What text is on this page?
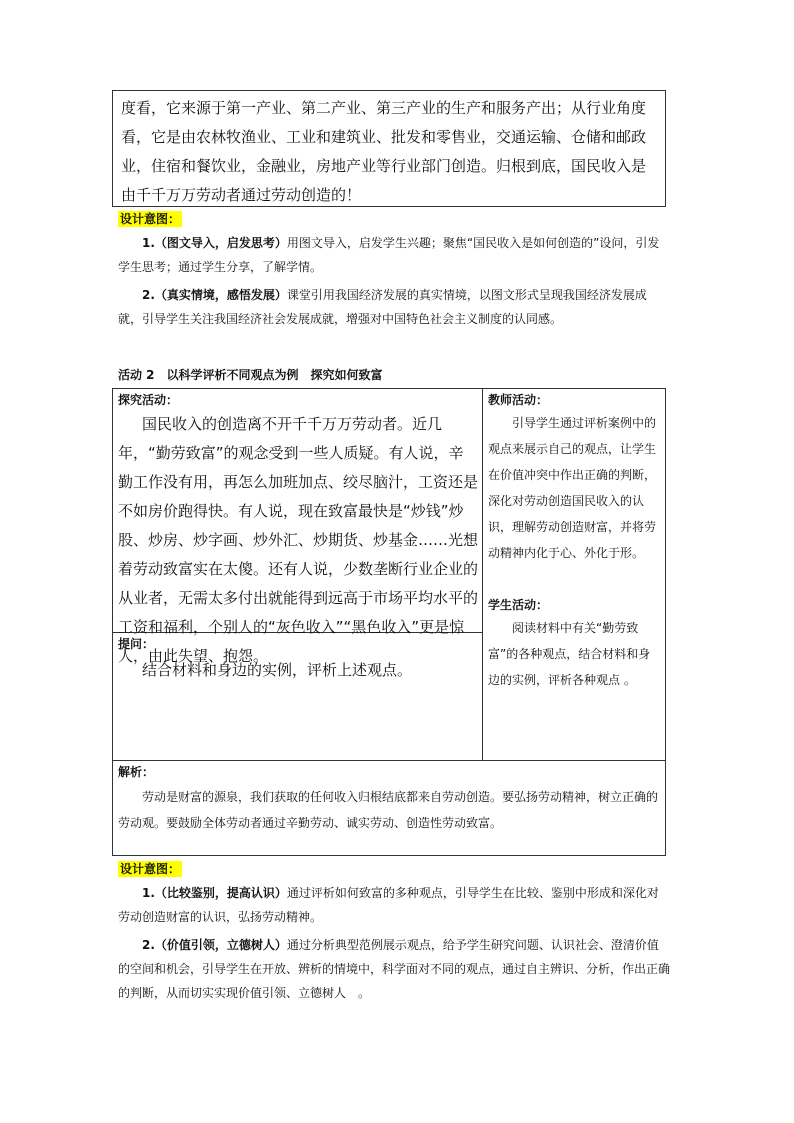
度看，它来源于第一产业、第二产业、第三产业的生产和服务产出；从行业角度看，它是由农林牧渔业、工业和建筑业、批发和零售业，交通运输、仓储和邮政业，住宿和餐饮业，金融业，房地产业等行业部门创造。归根到底，国民收入是由千千万万劳动者通过劳动创造的！

设计意图：

1.（图文导入，启发思考）用图文导入，启发学生兴趣；聚焦“国民收入是如何创造的”设问，引发学生思考；通过学生分享，了解学情。

2.（真实情境，感悟发展）课堂引用我国经济发展的真实情境，以图文形式呈现我国经济发展成就，引导学生关注我国经济社会发展成就，增强对中国特色社会主义制度的认同感。

活动 2　以科学评析不同观点为例　探究如何致富
探究活动：

国民收入的创造离不开千千万万劳动者。近几年，“勤劳致富”的观念受到一些人质疑。有人说，辛勤工作没有用，再怎么加班加点、绞尽脑汁，工资还是不如房价跑得快。有人说，现在致富最快是“炒钱”炒股、炒房、炒字画、炒外汇、炒期货、炒基金……光想着劳动致富实在太傻。还有人说，少数垄断行业企业的从业者，无需太多付出就能得到远高于市场平均水平的工资和福利，个别人的“灰色收入”“黑色收入”更是惊人，由此失望、抱怨。

提问：

结合材料和身边的实例，评析上述观点。

教师活动：

引导学生通过评析案例中的观点来展示自己的观点，让学生在价值冲突中作出正确的判断，深化对劳动创造国民收入的认识，理解劳动创造财富，并将劳动精神内化于心、外化于形。

学生活动：

阅读材料中有关“勤劳致富”的各种观点，结合材料和身边的实例，评析各种观点 。

解析：

劳动是财富的源泉，我们获取的任何收入归根结底都来自劳动创造。要弘扬劳动精神，树立正确的劳动观。要鼓励全体劳动者通过辛勤劳动、诚实劳动、创造性劳动致富。

设计意图：

1.（比较鉴别，提高认识）通过评析如何致富的多种观点，引导学生在比较、鉴别中形成和深化对劳动创造财富的认识，弘扬劳动精神。

2.（价值引领，立德树人）通过分析典型范例展示观点，给予学生研究问题、认识社会、澄清价值的空间和机会，引导学生在开放、辨析的情境中，科学面对不同的观点，通过自主辨识、分析，作出正确的判断，从而切实实现价值引领、立德树人　。
